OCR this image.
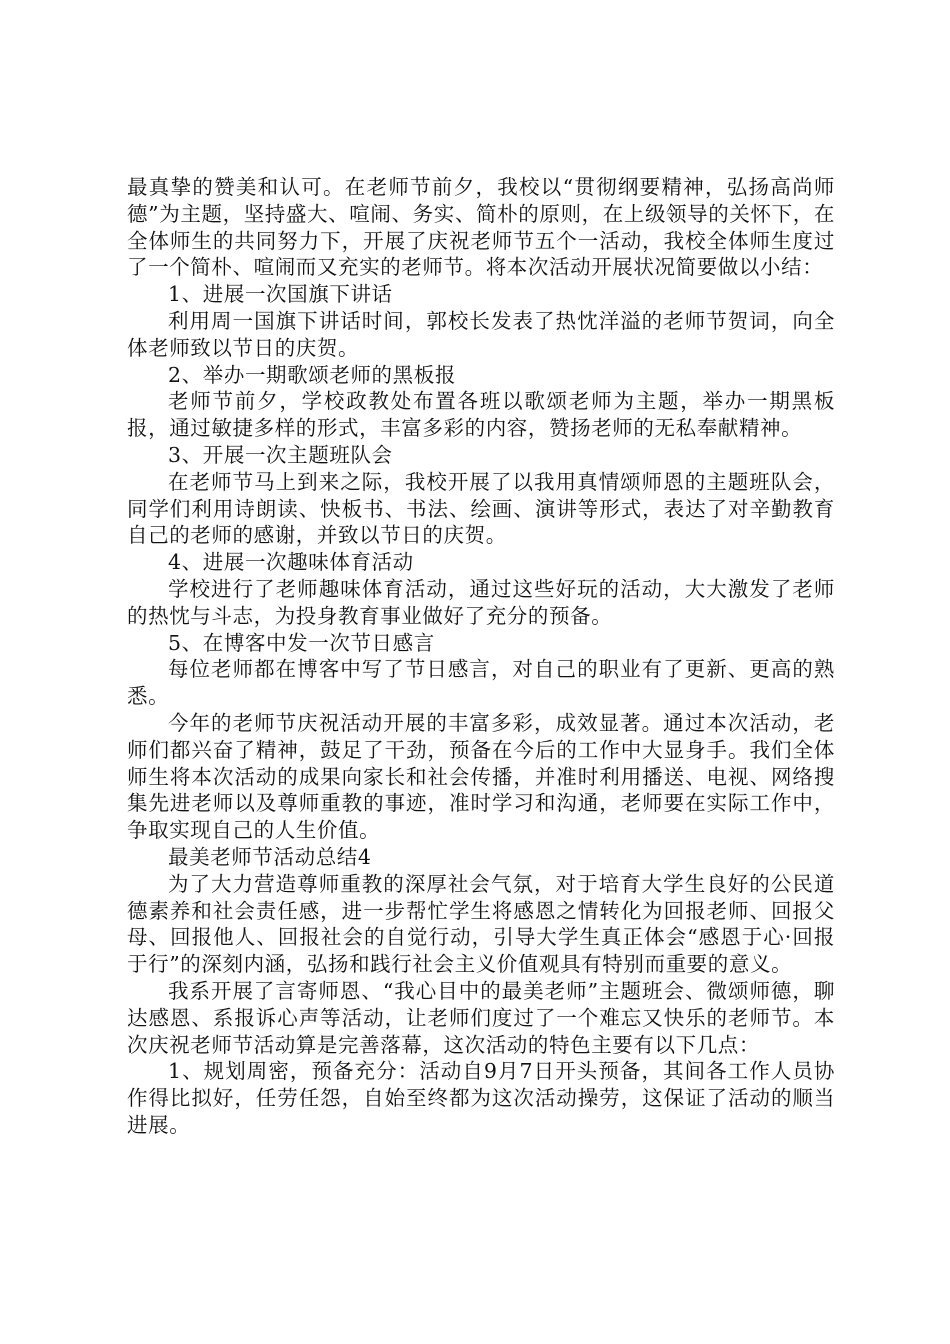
最真挚的赞美和认可。在老师节前夕，我校以“贯彻纲要精神，弘扬高尚师德”为主题，坚持盛大、喧闹、务实、简朴的原则，在上级领导的关怀下，在全体师生的共同努力下，开展了庆祝老师节五个一活动，我校全体师生度过了一个简朴、喧闹而又充实的老师节。将本次活动开展状况简要做以小结：

1、进展一次国旗下讲话

利用周一国旗下讲话时间，郭校长发表了热忱洋溢的老师节贺词，向全体老师致以节日的庆贺。

2、举办一期歌颂老师的黑板报

老师节前夕，学校政教处布置各班以歌颂老师为主题，举办一期黑板报，通过敏捷多样的形式，丰富多彩的内容，赞扬老师的无私奉献精神。

3、开展一次主题班队会

在老师节马上到来之际，我校开展了以我用真情颂师恩的主题班队会，同学们利用诗朗读、快板书、书法、绘画、演讲等形式，表达了对辛勤教育自己的老师的感谢，并致以节日的庆贺。

4、进展一次趣味体育活动

学校进行了老师趣味体育活动，通过这些好玩的活动，大大激发了老师的热忱与斗志，为投身教育事业做好了充分的预备。

5、在博客中发一次节日感言

每位老师都在博客中写了节日感言，对自己的职业有了更新、更高的熟悉。

今年的老师节庆祝活动开展的丰富多彩，成效显著。通过本次活动，老师们都兴奋了精神，鼓足了干劲，预备在今后的工作中大显身手。我们全体师生将本次活动的成果向家长和社会传播，并准时利用播送、电视、网络搜集先进老师以及尊师重教的事迹，准时学习和沟通，老师要在实际工作中，争取实现自己的人生价值。

最美老师节活动总结4

为了大力营造尊师重教的深厚社会气氛，对于培育大学生良好的公民道德素养和社会责任感，进一步帮忙学生将感恩之情转化为回报老师、回报父母、回报他人、回报社会的自觉行动，引导大学生真正体会“感恩于心·回报于行”的深刻内涵，弘扬和践行社会主义价值观具有特别而重要的意义。

我系开展了言寄师恩、“我心目中的最美老师”主题班会、微颂师德，聊达感恩、系报诉心声等活动，让老师们度过了一个难忘又快乐的老师节。本次庆祝老师节活动算是完善落幕，这次活动的特色主要有以下几点：

1、规划周密，预备充分：活动自9月7日开头预备，其间各工作人员协作得比拟好，任劳任怨，自始至终都为这次活动操劳，这保证了活动的顺当进展。
